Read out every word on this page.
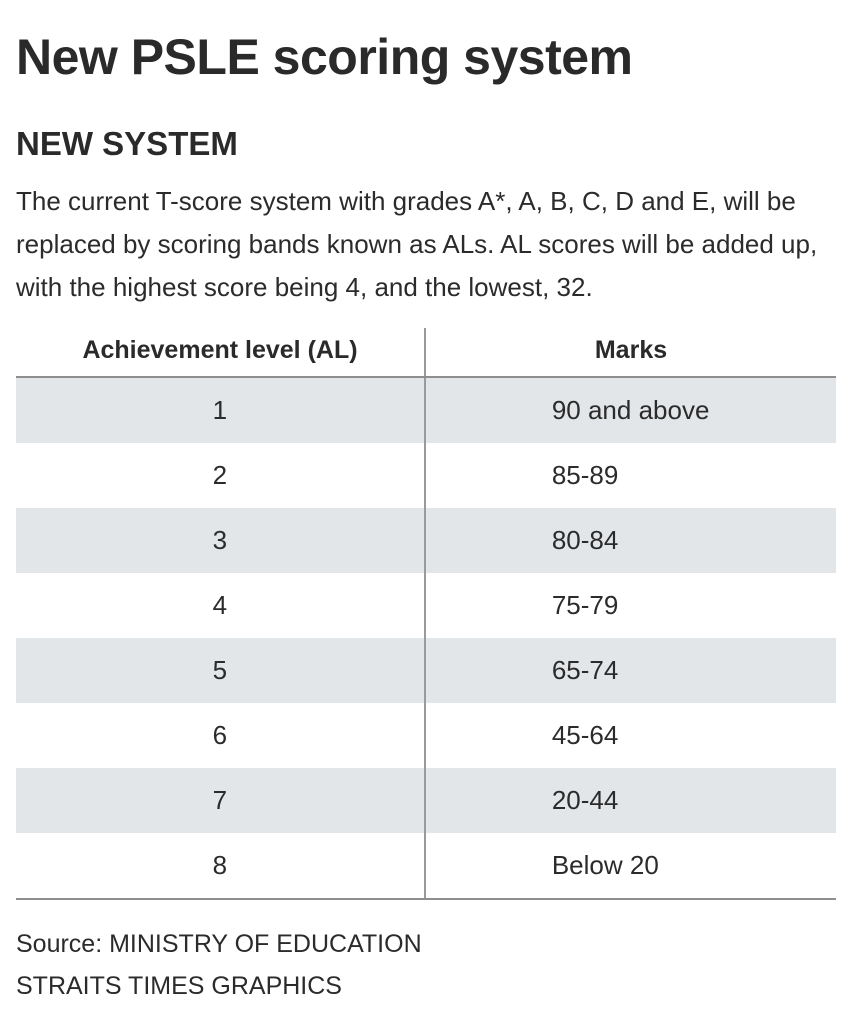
New PSLE scoring system
NEW SYSTEM

The current T-score system with grades A*, A, B, C, D and E, will be replaced by scoring bands known as ALs. AL scores will be added up, with the highest score being 4, and the lowest, 32.

Achievement level (AL)	Marks
1	90 and above
2	85-89
3	80-84
4	75-79
5	65-74
6	45-64
7	20-44
8	Below 20

Source: MINISTRY OF EDUCATION
STRAITS TIMES GRAPHICS
